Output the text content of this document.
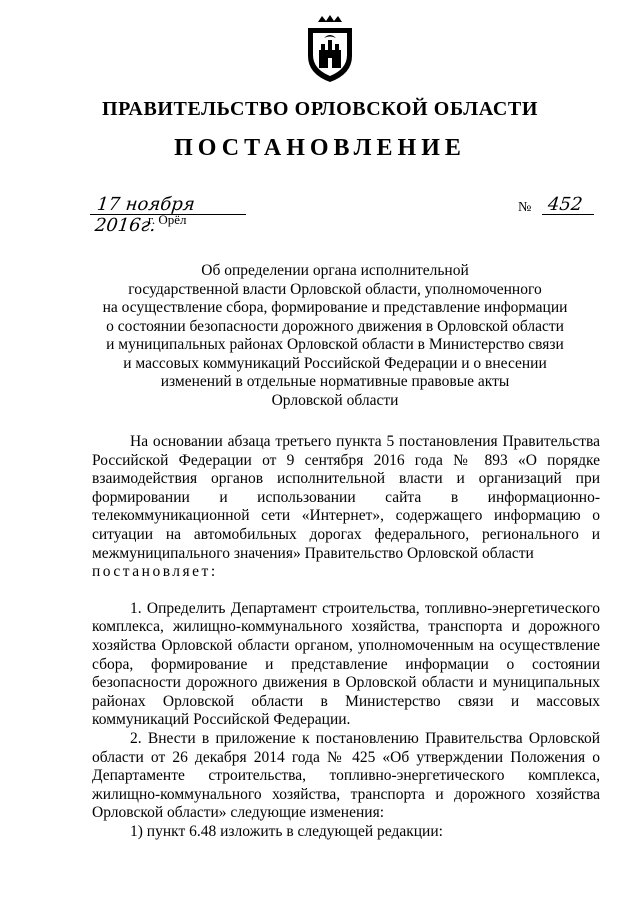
ПРАВИТЕЛЬСТВО ОРЛОВСКОЙ ОБЛАСТИ
ПОСТАНОВЛЕНИЕ
17 ноября 2016г.
г. Орёл
№ 452
Об определении органа исполнительной
государственной власти Орловской области, уполномоченного
на осуществление сбора, формирование и представление информации
о состоянии безопасности дорожного движения в Орловской области
и муниципальных районах Орловской области в Министерство связи
и массовых коммуникаций Российской Федерации и о внесении
изменений в отдельные нормативные правовые акты
Орловской области

На основании абзаца третьего пункта 5 постановления Правительства Российской Федерации от 9 сентября 2016 года № 893 «О порядке взаимодействия органов исполнительной власти и организаций при формировании и использовании сайта в информационно-телекоммуникационной сети «Интернет», содержащего информацию о ситуации на автомобильных дорогах федерального, регионального и межмуниципального значения» Правительство Орловской области

постановляет:

1. Определить Департамент строительства, топливно-энергетического комплекса, жилищно-коммунального хозяйства, транспорта и дорожного хозяйства Орловской области органом, уполномоченным на осуществление сбора, формирование и представление информации о состоянии безопасности дорожного движения в Орловской области и муниципальных районах Орловской области в Министерство связи и массовых коммуникаций Российской Федерации.

2. Внести в приложение к постановлению Правительства Орловской области от 26 декабря 2014 года № 425 «Об утверждении Положения о Департаменте строительства, топливно-энергетического комплекса, жилищно-коммунального хозяйства, транспорта и дорожного хозяйства Орловской области» следующие изменения:

1) пункт 6.48 изложить в следующей редакции:
